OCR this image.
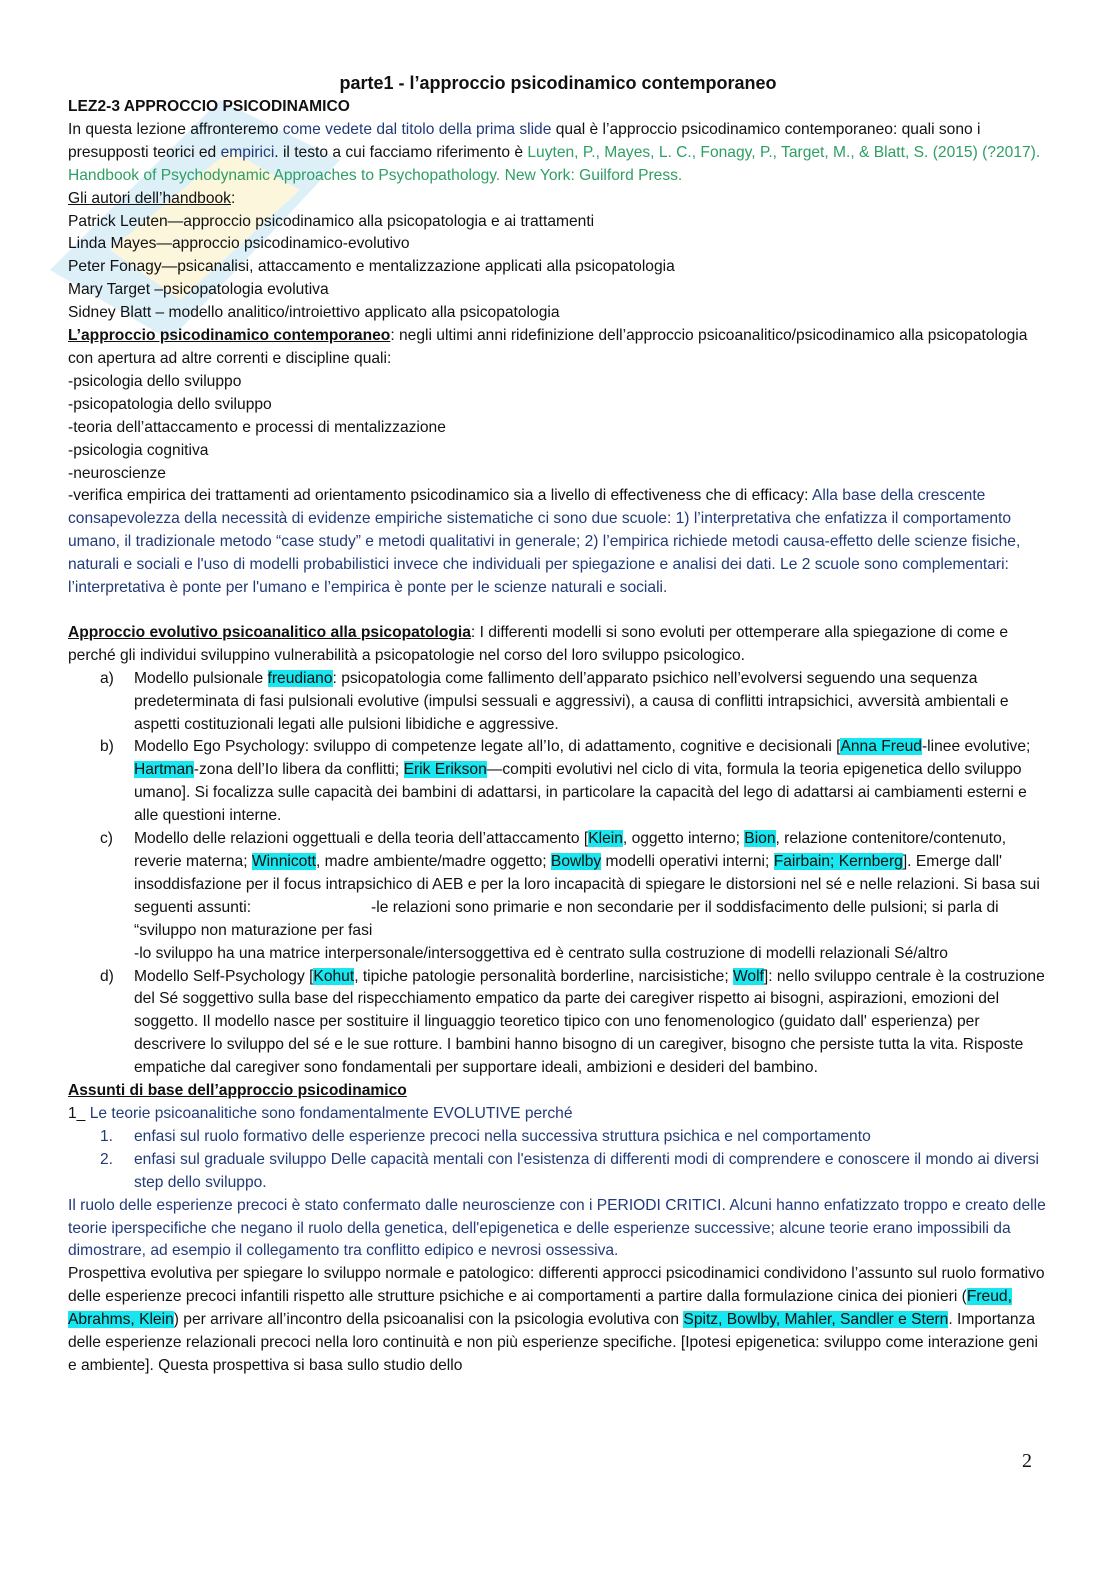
parte1 - l’approccio psicodinamico contemporaneo

LEZ2-3 APPROCCIO PSICODINAMICO

In questa lezione affronteremo come vedete dal titolo della prima slide qual è l’approccio psicodinamico contemporaneo: quali sono i presupposti teorici ed empirici. il testo a cui facciamo riferimento è Luyten, P., Mayes, L. C., Fonagy, P., Target, M., & Blatt, S. (2015) (?2017). Handbook of Psychodynamic Approaches to Psychopathology. New York: Guilford Press.

Gli autori dell’handbook:

Patrick Leuten—approccio psicodinamico alla psicopatologia e ai trattamenti

Linda Mayes—approccio psicodinamico-evolutivo

Peter Fonagy—psicanalisi, attaccamento e mentalizzazione applicati alla psicopatologia

Mary Target –psicopatologia evolutiva

Sidney Blatt – modello analitico/introiettivo applicato alla psicopatologia

L’approccio psicodinamico contemporaneo: negli ultimi anni ridefinizione dell’approccio psicoanalitico/psicodinamico alla psicopatologia con apertura ad altre correnti e discipline quali:

-psicologia dello sviluppo

-psicopatologia dello sviluppo

-teoria dell’attaccamento e processi di mentalizzazione

-psicologia cognitiva

-neuroscienze

-verifica empirica dei trattamenti ad orientamento psicodinamico sia a livello di effectiveness che di efficacy: Alla base della crescente consapevolezza della necessità di evidenze empiriche sistematiche ci sono due scuole: 1) l’interpretativa che enfatizza il comportamento umano, il tradizionale metodo “case study” e metodi qualitativi in generale; 2) l’empirica richiede metodi causa-effetto delle scienze fisiche, naturali e sociali e l'uso di modelli probabilistici invece che individuali per spiegazione e analisi dei dati. Le 2 scuole sono complementari: l’interpretativa è ponte per l'umano e l’empirica è ponte per le scienze naturali e sociali.

Approccio evolutivo psicoanalitico alla psicopatologia: I differenti modelli si sono evoluti per ottemperare alla spiegazione di come e perché gli individui sviluppino vulnerabilità a psicopatologie nel corso del loro sviluppo psicologico.

a)	Modello pulsionale freudiano: psicopatologia come fallimento dell’apparato psichico nell’evolversi seguendo una sequenza predeterminata di fasi pulsionali evolutive (impulsi sessuali e aggressivi), a causa di conflitti intrapsichici, avversità ambientali e aspetti costituzionali legati alle pulsioni libidiche e aggressive.
b)	Modello Ego Psychology: sviluppo di competenze legate all’Io, di adattamento, cognitive e decisionali [Anna Freud-linee evolutive; Hartman-zona dell’Io libera da conflitti; Erik Erikson—compiti evolutivi nel ciclo di vita, formula la teoria epigenetica dello sviluppo umano]. Si focalizza sulle capacità dei bambini di adattarsi, in particolare la capacità del lego di adattarsi ai cambiamenti esterni e alle questioni interne.
c)	Modello delle relazioni oggettuali e della teoria dell’attaccamento [Klein, oggetto interno; Bion, relazione contenitore/contenuto, reverie materna; Winnicott, madre ambiente/madre oggetto; Bowlby modelli operativi interni; Fairbain; Kernberg]. Emerge dall' insoddisfazione per il focus intrapsichico di AEB e per la loro incapacità di spiegare le distorsioni nel sé e nelle relazioni. Si basa sui seguenti assunti:	-le relazioni sono primarie e non secondarie per il soddisfacimento delle pulsioni; si parla di “sviluppo non maturazione per fasi
-lo sviluppo ha una matrice interpersonale/intersoggettiva ed è centrato sulla costruzione di modelli relazionali Sé/altro
d)	Modello Self-Psychology [Kohut, tipiche patologie personalità borderline, narcisistiche; Wolf]: nello sviluppo centrale è la costruzione del Sé soggettivo sulla base del rispecchiamento empatico da parte dei caregiver rispetto ai bisogni, aspirazioni, emozioni del soggetto. Il modello nasce per sostituire il linguaggio teoretico tipico con uno fenomenologico (guidato dall' esperienza) per descrivere lo sviluppo del sé e le sue rotture. I bambini hanno bisogno di un caregiver, bisogno che persiste tutta la vita. Risposte empatiche dal caregiver sono fondamentali per supportare ideali, ambizioni e desideri del bambino.

Assunti di base dell’approccio psicodinamico

1_ Le teorie psicoanalitiche sono fondamentalmente EVOLUTIVE perché

1.	enfasi sul ruolo formativo delle esperienze precoci nella successiva struttura psichica e nel comportamento
2.	enfasi sul graduale sviluppo Delle capacità mentali con l'esistenza di differenti modi di comprendere e conoscere il mondo ai diversi step dello sviluppo.

Il ruolo delle esperienze precoci è stato confermato dalle neuroscienze con i PERIODI CRITICI. Alcuni hanno enfatizzato troppo e creato delle teorie iperspecifiche che negano il ruolo della genetica, dell'epigenetica e delle esperienze successive; alcune teorie erano impossibili da dimostrare, ad esempio il collegamento tra conflitto edipico e nevrosi ossessiva.

Prospettiva evolutiva per spiegare lo sviluppo normale e patologico: differenti approcci psicodinamici condividono l’assunto sul ruolo formativo delle esperienze precoci infantili rispetto alle strutture psichiche e ai comportamenti a partire dalla formulazione cinica dei pionieri (Freud, Abrahms, Klein) per arrivare all’incontro della psicoanalisi con la psicologia evolutiva con Spitz, Bowlby, Mahler, Sandler e Stern. Importanza delle esperienze relazionali precoci nella loro continuità e non più esperienze specifiche. [Ipotesi epigenetica: sviluppo come interazione geni e ambiente]. Questa prospettiva si basa sullo studio dello

2
